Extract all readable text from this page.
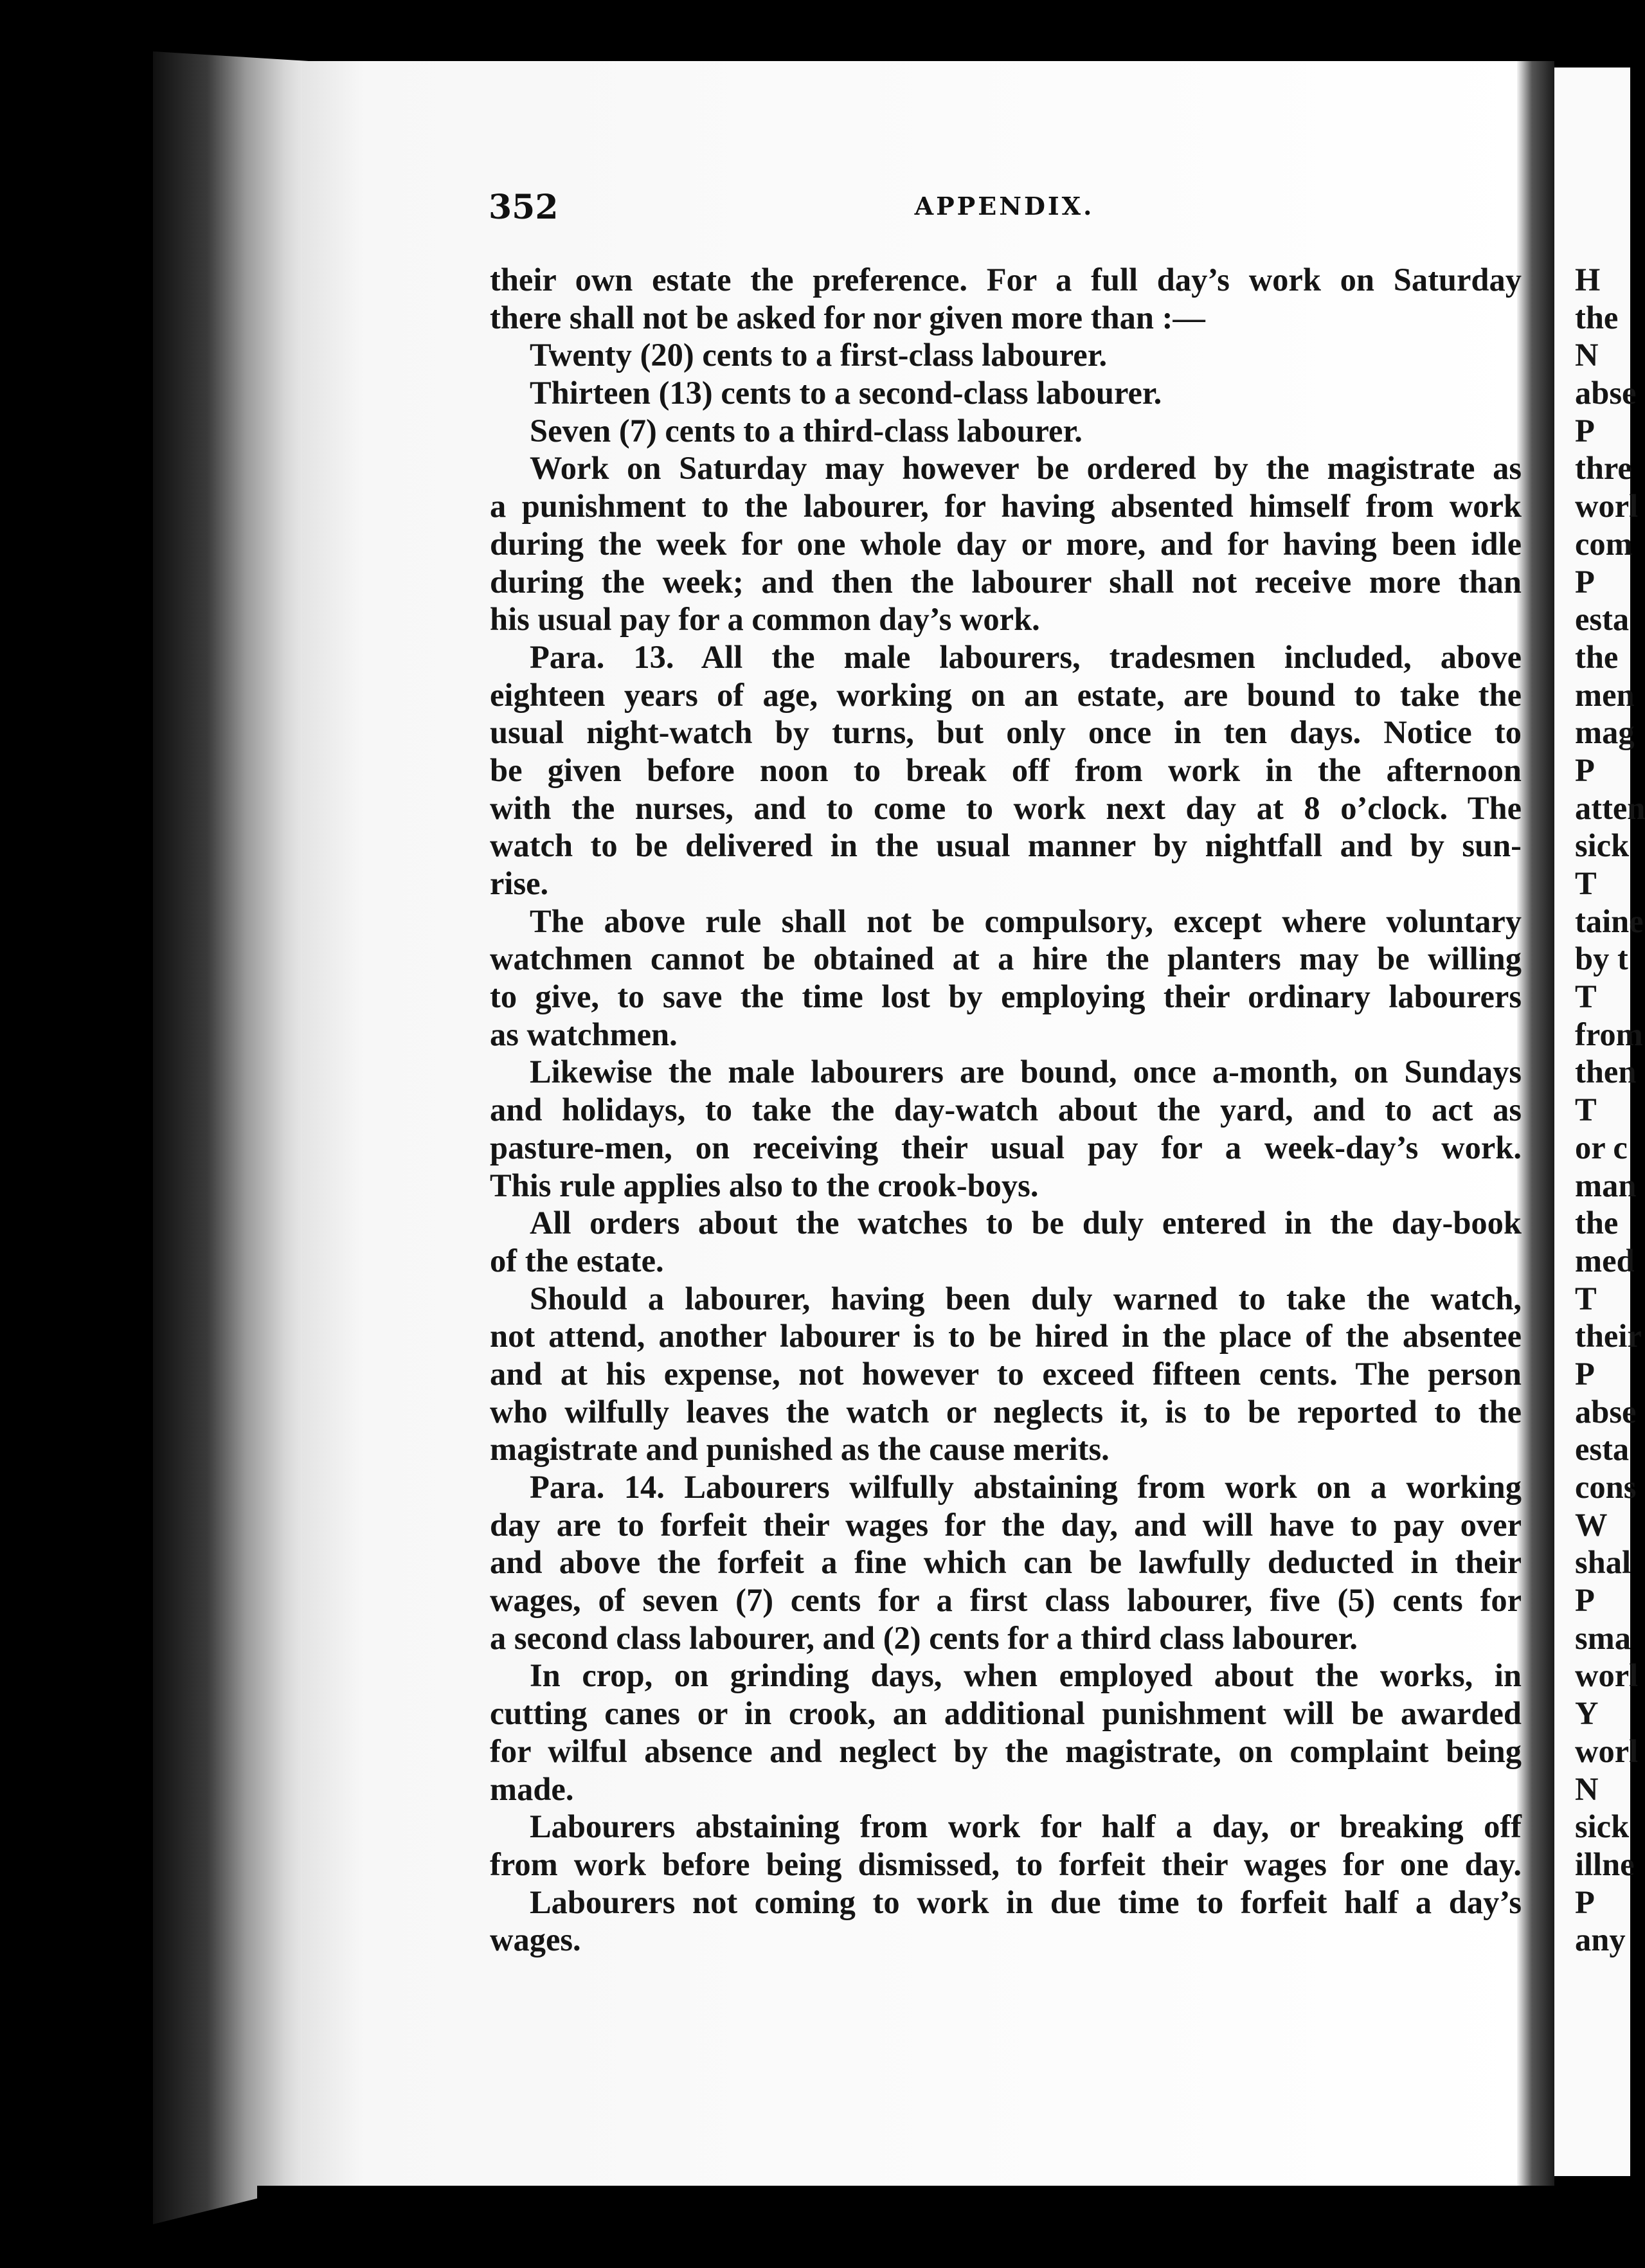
352	APPENDIX.
their own estate the preference. For a full day’s work on Saturday
there shall not be asked for nor given more than :—
Twenty (20) cents to a first-class labourer.
Thirteen (13) cents to a second-class labourer.
Seven (7) cents to a third-class labourer.
Work on Saturday may however be ordered by the magistrate as
a punishment to the labourer, for having absented himself from work
during the week for one whole day or more, and for having been idle
during the week; and then the labourer shall not receive more than
his usual pay for a common day’s work.
Para. 13. All the male labourers, tradesmen included, above
eighteen years of age, working on an estate, are bound to take the
usual night-watch by turns, but only once in ten days. Notice to
be given before noon to break off from work in the afternoon
with the nurses, and to come to work next day at 8 o’clock. The
watch to be delivered in the usual manner by nightfall and by sun-
rise.
The above rule shall not be compulsory, except where voluntary
watchmen cannot be obtained at a hire the planters may be willing
to give, to save the time lost by employing their ordinary labourers
as watchmen.
Likewise the male labourers are bound, once a-month, on Sundays
and holidays, to take the day-watch about the yard, and to act as
pasture-men, on receiving their usual pay for a week-day’s work.
This rule applies also to the crook-boys.
All orders about the watches to be duly entered in the day-book
of the estate.
Should a labourer, having been duly warned to take the watch,
not attend, another labourer is to be hired in the place of the absentee
and at his expense, not however to exceed fifteen cents. The person
who wilfully leaves the watch or neglects it, is to be reported to the
magistrate and punished as the cause merits.
Para. 14. Labourers wilfully abstaining from work on a working
day are to forfeit their wages for the day, and will have to pay over
and above the forfeit a fine which can be lawfully deducted in their
wages, of seven (7) cents for a first class labourer, five (5) cents for
a second class labourer, and (2) cents for a third class labourer.
In crop, on grinding days, when employed about the works, in
cutting canes or in crook, an additional punishment will be awarded
for wilful absence and neglect by the magistrate, on complaint being
made.
Labourers abstaining from work for half a day, or breaking off
from work before being dismissed, to forfeit their wages for one day.
Labourers not coming to work in due time to forfeit half a day’s
wages.
H
the
N
abse
P
thre
worl
com
P
esta
the
men
mag
P
atten
sick
T
taine
by t
T
from
then
T
or c
man
the
med
T
their
P
abse
esta
cons
W
shal
P
sma
worl
Y
worl
N
sick
illne
P
any
